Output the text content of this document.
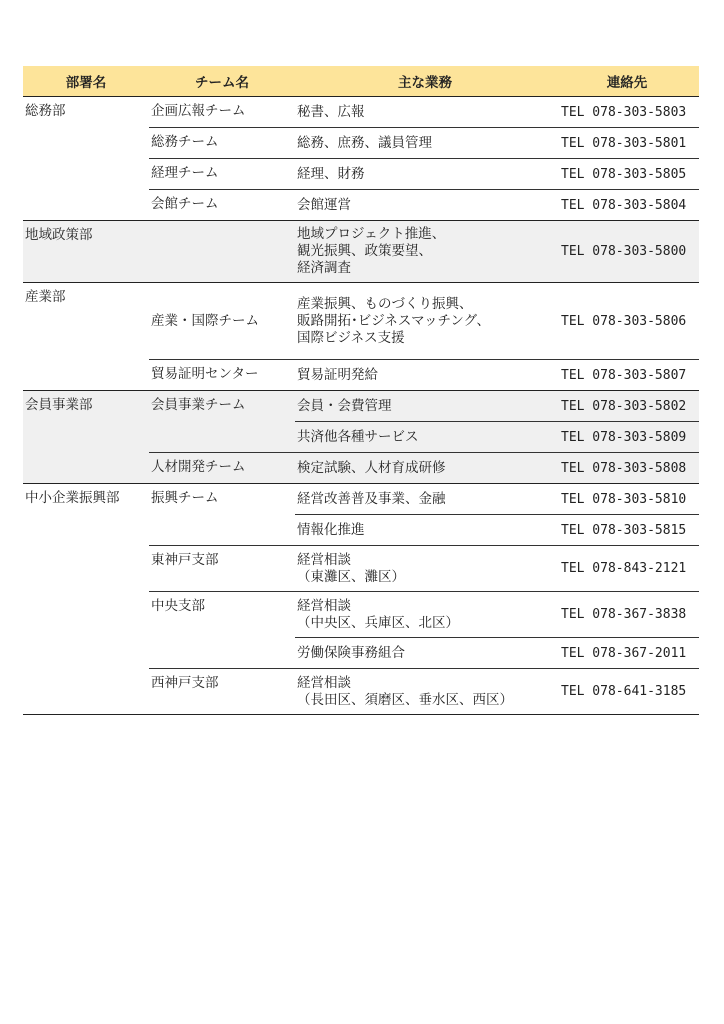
部署名	チーム名	主な業務	連絡先
総務部	企画広報チーム	秘書、広報	TEL 078-303-5803
	総務チーム	総務、庶務、議員管理	TEL 078-303-5801
	経理チーム	経理、財務	TEL 078-303-5805
	会館チーム	会館運営	TEL 078-303-5804
地域政策部		地域プロジェクト推進、
観光振興、政策要望、
経済調査	TEL 078-303-5800
産業部	産業・国際チーム	産業振興、ものづくり振興、
販路開拓･ビジネスマッチング、
国際ビジネス支援	TEL 078-303-5806
	貿易証明センター	貿易証明発給	TEL 078-303-5807
会員事業部	会員事業チーム	会員・会費管理	TEL 078-303-5802
		共済他各種サービス	TEL 078-303-5809
	人材開発チーム	検定試験、人材育成研修	TEL 078-303-5808
中小企業振興部	振興チーム	経営改善普及事業、金融	TEL 078-303-5810
		情報化推進	TEL 078-303-5815
	東神戸支部	経営相談
（東灘区、灘区）	TEL 078-843-2121
	中央支部	経営相談
（中央区、兵庫区、北区）	TEL 078-367-3838
		労働保険事務組合	TEL 078-367-2011
	西神戸支部	経営相談
（長田区、須磨区、垂水区、西区）	TEL 078-641-3185
